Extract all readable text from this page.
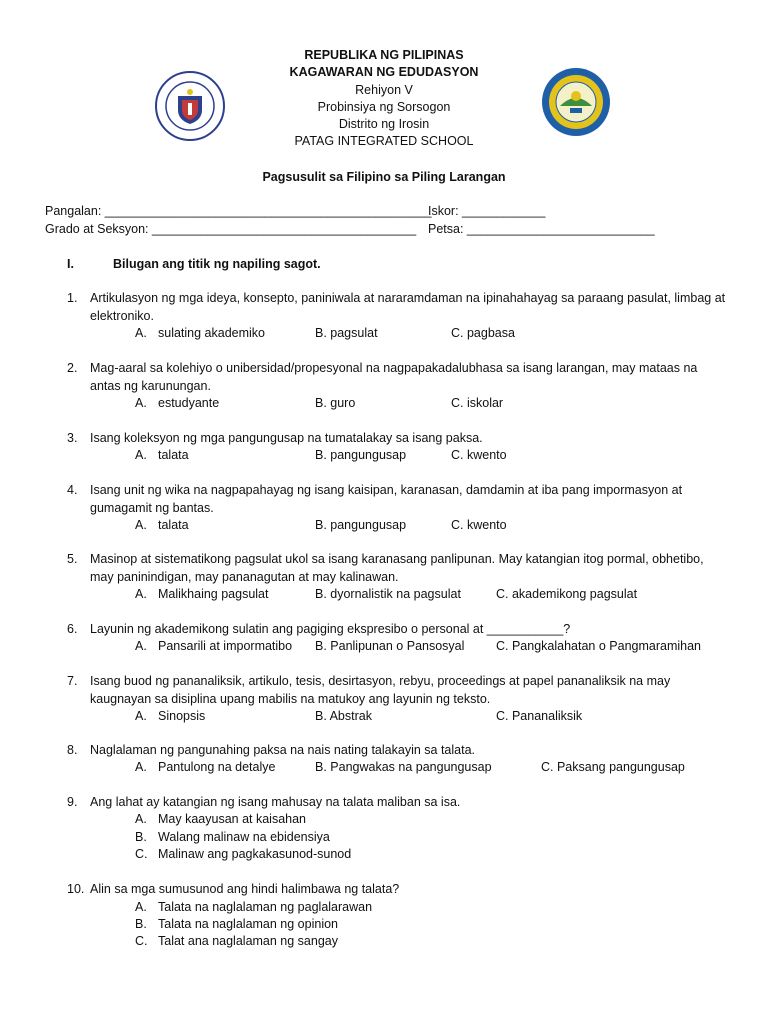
REPUBLIKA NG PILIPINAS
KAGAWARAN NG EDUDASYON
Rehiyon V
Probinsiya ng Sorsogon
Distrito ng Irosin
PATAG INTEGRATED SCHOOL
Pagsusulit sa Filipino sa Piling Larangan
Pangalan: _______________________________________________
Iskor: ____________
Grado at Seksyon: ______________________________________ Petsa: ___________________________
I.	Bilugan ang titik ng napiling sagot.
1. Artikulasyon ng mga ideya, konsepto, paniniwala at nararamdaman na ipinahahayag sa paraang pasulat, limbag at elektroniko.
A. sulating akademiko	B. pagsulat	C. pagbasa
2. Mag-aaral sa kolehiyo o unibersidad/propesyonal na nagpapakadalubhasa sa isang larangan, may mataas na antas ng karunungan.
A. estudyante	B. guro	C. iskolar
3. Isang koleksyon ng mga pangungusap na tumatalakay sa isang paksa.
A. talata	B. pangungusap	C. kwento
4. Isang unit ng wika na nagpapahayag ng isang kaisipan, karanasan, damdamin at iba pang impormasyon at gumagamit ng bantas.
A. talata	B. pangungusap	C. kwento
5. Masinop at sistematikong pagsulat ukol sa isang karanasang panlipunan. May katangian itog pormal, obhetibo, may paninindigan, may pananagutan at may kalinawan.
A. Malikhaing pagsulat	B. dyornalistik na pagsulat	C. akademikong pagsulat
6. Layunin ng akademikong sulatin ang pagiging ekspresibo o personal at ___________?
A. Pansarili at impormatibo B. Panlipunan o Pansosyal	C. Pangkalahatan o Pangmaramihan
7. Isang buod ng pananaliksik, artikulo, tesis, desirtasyon, rebyu, proceedings at papel pananaliksik na may kaugnayan sa disiplina upang mabilis na matukoy ang layunin ng teksto.
A. Sinopsis	B. Abstrak	C. Pananaliksik
8. Naglalaman ng pangunahing paksa na nais nating talakayin sa talata.
A. Pantulong na detalye	B. Pangwakas na pangungusap	C. Paksang pangungusap
9. Ang lahat ay katangian ng isang mahusay na talata maliban sa isa.
A. May kaayusan at kaisahan
B. Walang malinaw na ebidensiya
C. Malinaw ang pagkakasunod-sunod
10. Alin sa mga sumusunod ang hindi halimbawa ng talata?
A. Talata na naglalaman ng paglalarawan
B. Talata na naglalaman ng opinion
C. Talat ana naglalaman ng sangay
